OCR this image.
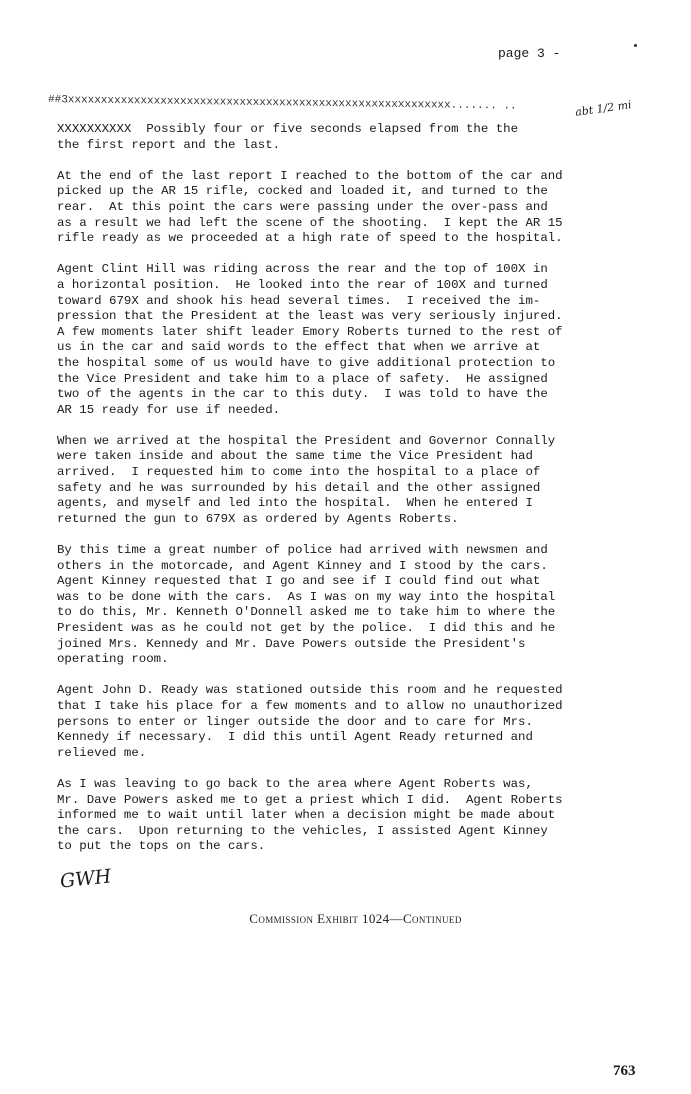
page 3 -
##3xxxxxxxxxxxxxxxxxxxxxxxxxxxxxxxxxxxxxxxxxxxxxxxxxxxxxxxxxx....... ..	abt 1/2 mi
XXXXXXXXXX  Possibly four or five seconds elapsed from the the
the first report and the last.
At the end of the last report I reached to the bottom of the car and
picked up the AR 15 rifle, cocked and loaded it, and turned to the
rear.  At this point the cars were passing under the over-pass and
as a result we had left the scene of the shooting.  I kept the AR 15
rifle ready as we proceeded at a high rate of speed to the hospital.
Agent Clint Hill was riding across the rear and the top of 100X in
a horizontal position.  He looked into the rear of 100X and turned
toward 679X and shook his head several times.  I received the im-
pression that the President at the least was very seriously injured.
A few moments later shift leader Emory Roberts turned to the rest of
us in the car and said words to the effect that when we arrive at
the hospital some of us would have to give additional protection to
the Vice President and take him to a place of safety.  He assigned
two of the agents in the car to this duty.  I was told to have the
AR 15 ready for use if needed.
When we arrived at the hospital the President and Governor Connally
were taken inside and about the same time the Vice President had
arrived.  I requested him to come into the hospital to a place of
safety and he was surrounded by his detail and the other assigned
agents, and myself and led into the hospital.  When he entered I
returned the gun to 679X as ordered by Agents Roberts.
By this time a great number of police had arrived with newsmen and
others in the motorcade, and Agent Kinney and I stood by the cars.
Agent Kinney requested that I go and see if I could find out what
was to be done with the cars.  As I was on my way into the hospital
to do this, Mr. Kenneth O'Donnell asked me to take him to where the
President was as he could not get by the police.  I did this and he
joined Mrs. Kennedy and Mr. Dave Powers outside the President's
operating room.
Agent John D. Ready was stationed outside this room and he requested
that I take his place for a few moments and to allow no unauthorized
persons to enter or linger outside the door and to care for Mrs.
Kennedy if necessary.  I did this until Agent Ready returned and
relieved me.
As I was leaving to go back to the area where Agent Roberts was,
Mr. Dave Powers asked me to get a priest which I did.  Agent Roberts
informed me to wait until later when a decision might be made about
the cars.  Upon returning to the vehicles, I assisted Agent Kinney
to put the tops on the cars.
GWH
Commission Exhibit 1024—Continued
763
